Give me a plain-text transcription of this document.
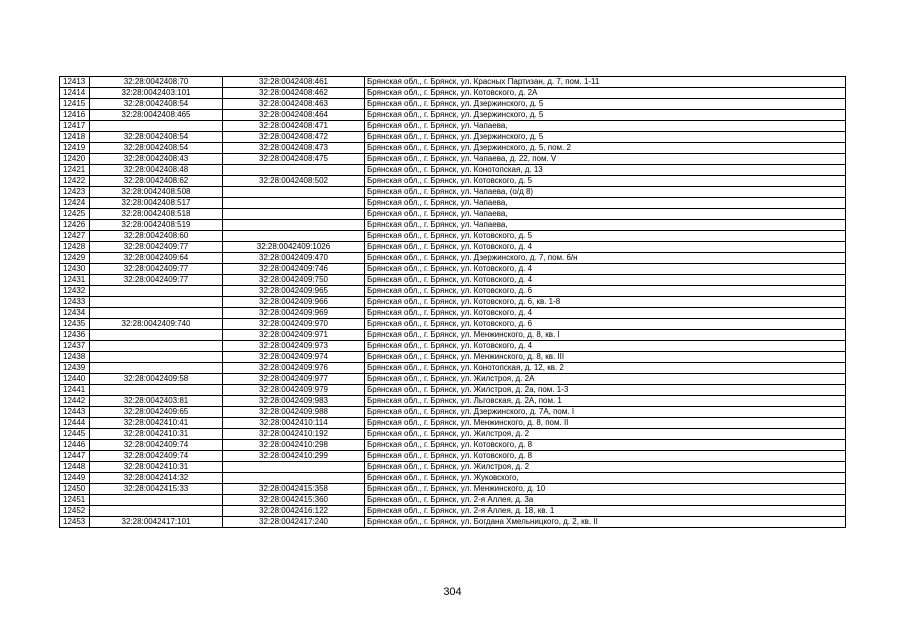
12413	32:28:0042408:70	32:28:0042408:461	Брянская обл., г. Брянск, ул. Красных Партизан, д. 7, пом. 1-11
12414	32:28:0042403:101	32:28:0042408:462	Брянская обл., г. Брянск, ул. Котовского, д. 2А
12415	32:28:0042408:54	32:28:0042408:463	Брянская обл., г. Брянск, ул. Дзержинского, д. 5
12416	32:28:0042408:465	32:28:0042408:464	Брянская обл., г. Брянск, ул. Дзержинского, д. 5
12417		32:28:0042408:471	Брянская обл., г. Брянск, ул. Чапаева,
12418	32:28:0042408:54	32:28:0042408:472	Брянская обл., г. Брянск, ул. Дзержинского, д. 5
12419	32:28:0042408:54	32:28:0042408:473	Брянская обл., г. Брянск, ул. Дзержинского, д. 5, пом. 2
12420	32:28:0042408:43	32:28:0042408:475	Брянская обл., г. Брянск, ул. Чапаева, д. 22, пом. V
12421	32:28:0042408:48		Брянская обл., г. Брянск, ул. Конотопская, д. 13
12422	32:28:0042408:62	32:28:0042408:502	Брянская обл., г. Брянск, ул. Котовского, д. 5
12423	32:28:0042408:508		Брянская обл., г. Брянск, ул. Чапаева, (о/д 8)
12424	32:28:0042408:517		Брянская обл., г. Брянск, ул. Чапаева,
12425	32:28:0042408:518		Брянская обл., г. Брянск, ул. Чапаева,
12426	32:28:0042408:519		Брянская обл., г. Брянск, ул. Чапаева,
12427	32:28:0042408:60		Брянская обл., г. Брянск, ул. Котовского, д. 5
12428	32:28:0042409:77	32:28:0042409:1026	Брянская обл., г. Брянск, ул. Котовского, д. 4
12429	32:28:0042409:64	32:28:0042409:470	Брянская обл., г. Брянск, ул. Дзержинского, д. 7, пом. 6/н
12430	32:28:0042409:77	32:28:0042409:746	Брянская обл., г. Брянск, ул. Котовского, д. 4
12431	32:28:0042409:77	32:28:0042409:750	Брянская обл., г. Брянск, ул. Котовского, д. 4
12432		32:28:0042409:965	Брянская обл., г. Брянск, ул. Котовского, д. 6
12433		32:28:0042409:966	Брянская обл., г. Брянск, ул. Котовского, д. 6, кв. 1-8
12434		32:28:0042409:969	Брянская обл., г. Брянск, ул. Котовского, д. 4
12435	32:28:0042409:740	32:28:0042409:970	Брянская обл., г. Брянск, ул. Котовского, д. 6
12436		32:28:0042409:971	Брянская обл., г. Брянск, ул. Менжинского, д. 8, кв. I
12437		32:28:0042409:973	Брянская обл., г. Брянск, ул. Котовского, д. 4
12438		32:28:0042409:974	Брянская обл., г. Брянск, ул. Менжинского, д. 8, кв. III
12439		32:28:0042409:976	Брянская обл., г. Брянск, ул. Конотопская, д. 12, кв. 2
12440	32:28:0042409:58	32:28:0042409:977	Брянская обл., г. Брянск, ул. Жилстроя, д. 2А
12441		32:28:0042409:979	Брянская обл., г. Брянск, ул. Жилстроя, д. 2а, пом. 1-3
12442	32:28:0042403:81	32:28:0042409:983	Брянская обл., г. Брянск, ул. Льговская, д. 2А, пом. 1
12443	32:28:0042409:65	32:28:0042409:988	Брянская обл., г. Брянск, ул. Дзержинского, д. 7А, пом. I
12444	32:28:0042410:41	32:28:0042410:114	Брянская обл., г. Брянск, ул. Менжинского, д. 8, пом. II
12445	32:28:0042410:31	32:28:0042410:192	Брянская обл., г. Брянск, ул. Жилстроя, д. 2
12446	32:28:0042409:74	32:28:0042410:298	Брянская обл., г. Брянск, ул. Котовского, д. 8
12447	32:28:0042409:74	32:28:0042410:299	Брянская обл., г. Брянск, ул. Котовского, д. 8
12448	32:28:0042410:31		Брянская обл., г. Брянск, ул. Жилстроя, д. 2
12449	32:28:0042414:32		Брянская обл., г. Брянск, ул. Жуковского,
12450	32:28:0042415:33	32:28:0042415:358	Брянская обл., г. Брянск, ул. Менжинского, д. 10
12451		32:28:0042415:360	Брянская обл., г. Брянск, ул. 2-я Аллея, д. 3а
12452		32:28:0042416:122	Брянская обл., г. Брянск, ул. 2-я Аллея, д. 18, кв. 1
12453	32:28:0042417:101	32:28:0042417:240	Брянская обл., г. Брянск, ул. Богдана Хмельницкого, д. 2, кв. II
304
